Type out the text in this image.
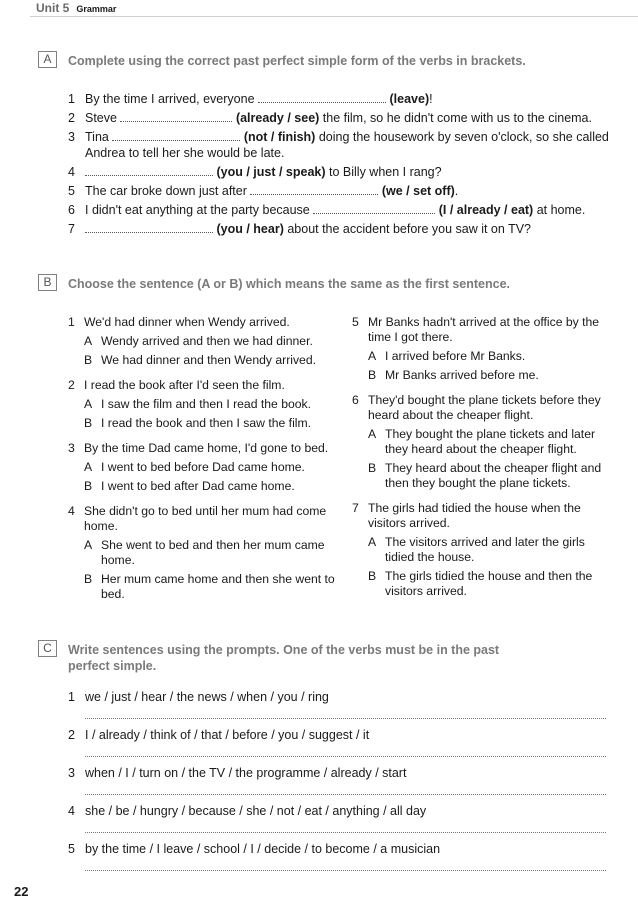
Unit 5 Grammar
A	Complete using the correct past perfect simple form of the verbs in brackets.
1 By the time I arrived, everyone	(leave)!
2 Steve	(already / see) the film, so he didn't come with us to the cinema.
3 Tina	(not / finish) doing the housework by seven o'clock, so she called
Andrea to tell her she would be late.
4	(you / just / speak) to Billy when I rang?
5 The car broke down just after	(we / set off).
6 I didn't eat anything at the party because	(I / already / eat) at home.
7	(you / hear) about the accident before you saw it on TV?
B	Choose the sentence (A or B) which means the same as the first sentence.
1 We'd had dinner when Wendy arrived.
A Wendy arrived and then we had dinner.
B We had dinner and then Wendy arrived.
2 I read the book after I'd seen the film.
A I saw the film and then I read the book.
B I read the book and then I saw the film.
3 By the time Dad came home, I'd gone to bed.
A I went to bed before Dad came home.
B I went to bed after Dad came home.
4 She didn't go to bed until her mum had come home.
A She went to bed and then her mum came home.
B Her mum came home and then she went to bed.
5 Mr Banks hadn't arrived at the office by the time I got there.
A I arrived before Mr Banks.
B Mr Banks arrived before me.
6 They'd bought the plane tickets before they heard about the cheaper flight.
A They bought the plane tickets and later they heard about the cheaper flight.
B They heard about the cheaper flight and then they bought the plane tickets.
7 The girls had tidied the house when the visitors arrived.
A The visitors arrived and later the girls tidied the house.
B The girls tidied the house and then the visitors arrived.
C	Write sentences using the prompts. One of the verbs must be in the past
perfect simple.
1 we / just / hear / the news / when / you / ring
2 I / already / think of / that / before / you / suggest / it
3 when / I / turn on / the TV / the programme / already / start
4 she / be / hungry / because / she / not / eat / anything / all day
5 by the time / I leave / school / I / decide / to become / a musician
22
